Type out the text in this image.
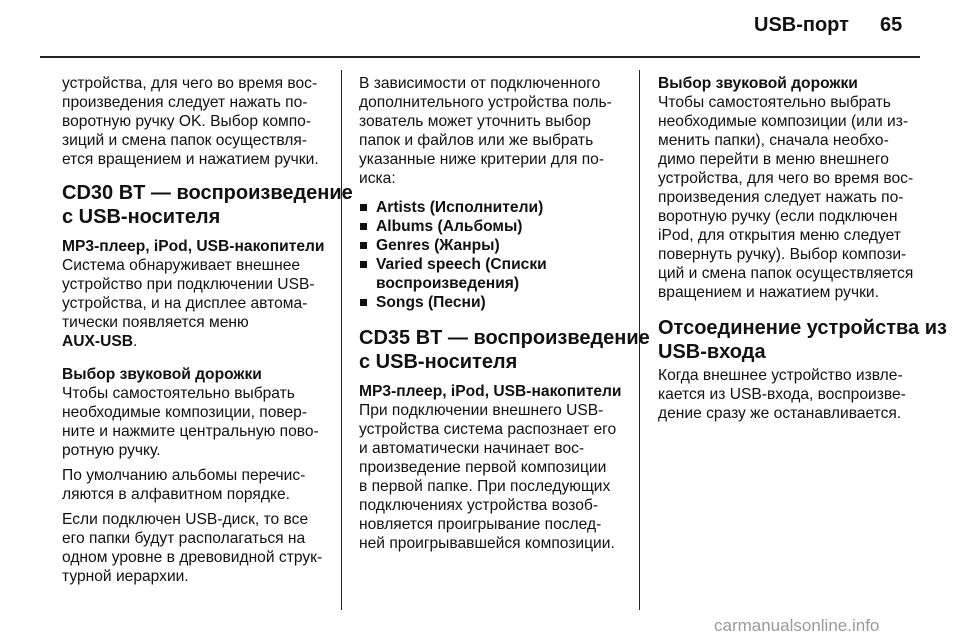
USB-порт 65

устройства, для чего во время вос-
произведения следует нажать по-
воротную ручку OK. Выбор компо-
зиций и смена папок осуществля-
ется вращением и нажатием ручки.

CD30 BT — воспроизведение
с USB-носителя

MP3-плеер, iPod, USB-накопители

Система обнаруживает внешнее
устройство при подключении USB-
устройства, и на дисплее автома-
тически появляется меню
AUX-USB.

Выбор звуковой дорожки

Чтобы самостоятельно выбрать
необходимые композиции, повер-
ните и нажмите центральную пово-
ротную ручку.

По умолчанию альбомы перечис-
ляются в алфавитном порядке.

Если подключен USB-диск, то все
его папки будут располагаться на
одном уровне в древовидной струк-
турной иерархии.

В зависимости от подключенного
дополнительного устройства поль-
зователь может уточнить выбор
папок и файлов или же выбрать
указанные ниже критерии для по-
иска:

Artists (Исполнители)
Albums (Альбомы)
Genres (Жанры)
Varied speech (Списки
воспроизведения)
Songs (Песни)
CD35 BT — воспроизведение
с USB-носителя

MP3-плеер, iPod, USB-накопители

При подключении внешнего USB-
устройства система распознает его
и автоматически начинает вос-
произведение первой композиции
в первой папке. При последующих
подключениях устройства возоб-
новляется проигрывание послед-
ней проигрывавшейся композиции.

Выбор звуковой дорожки

Чтобы самостоятельно выбрать
необходимые композиции (или из-
менить папки), сначала необхо-
димо перейти в меню внешнего
устройства, для чего во время вос-
произведения следует нажать по-
воротную ручку (если подключен
iPod, для открытия меню следует
повернуть ручку). Выбор компози-
ций и смена папок осуществляется
вращением и нажатием ручки.

Отсоединение устройства из
USB-входа

Когда внешнее устройство извле-
кается из USB-входа, воспроизве-
дение сразу же останавливается.

carmanualsonline.info
